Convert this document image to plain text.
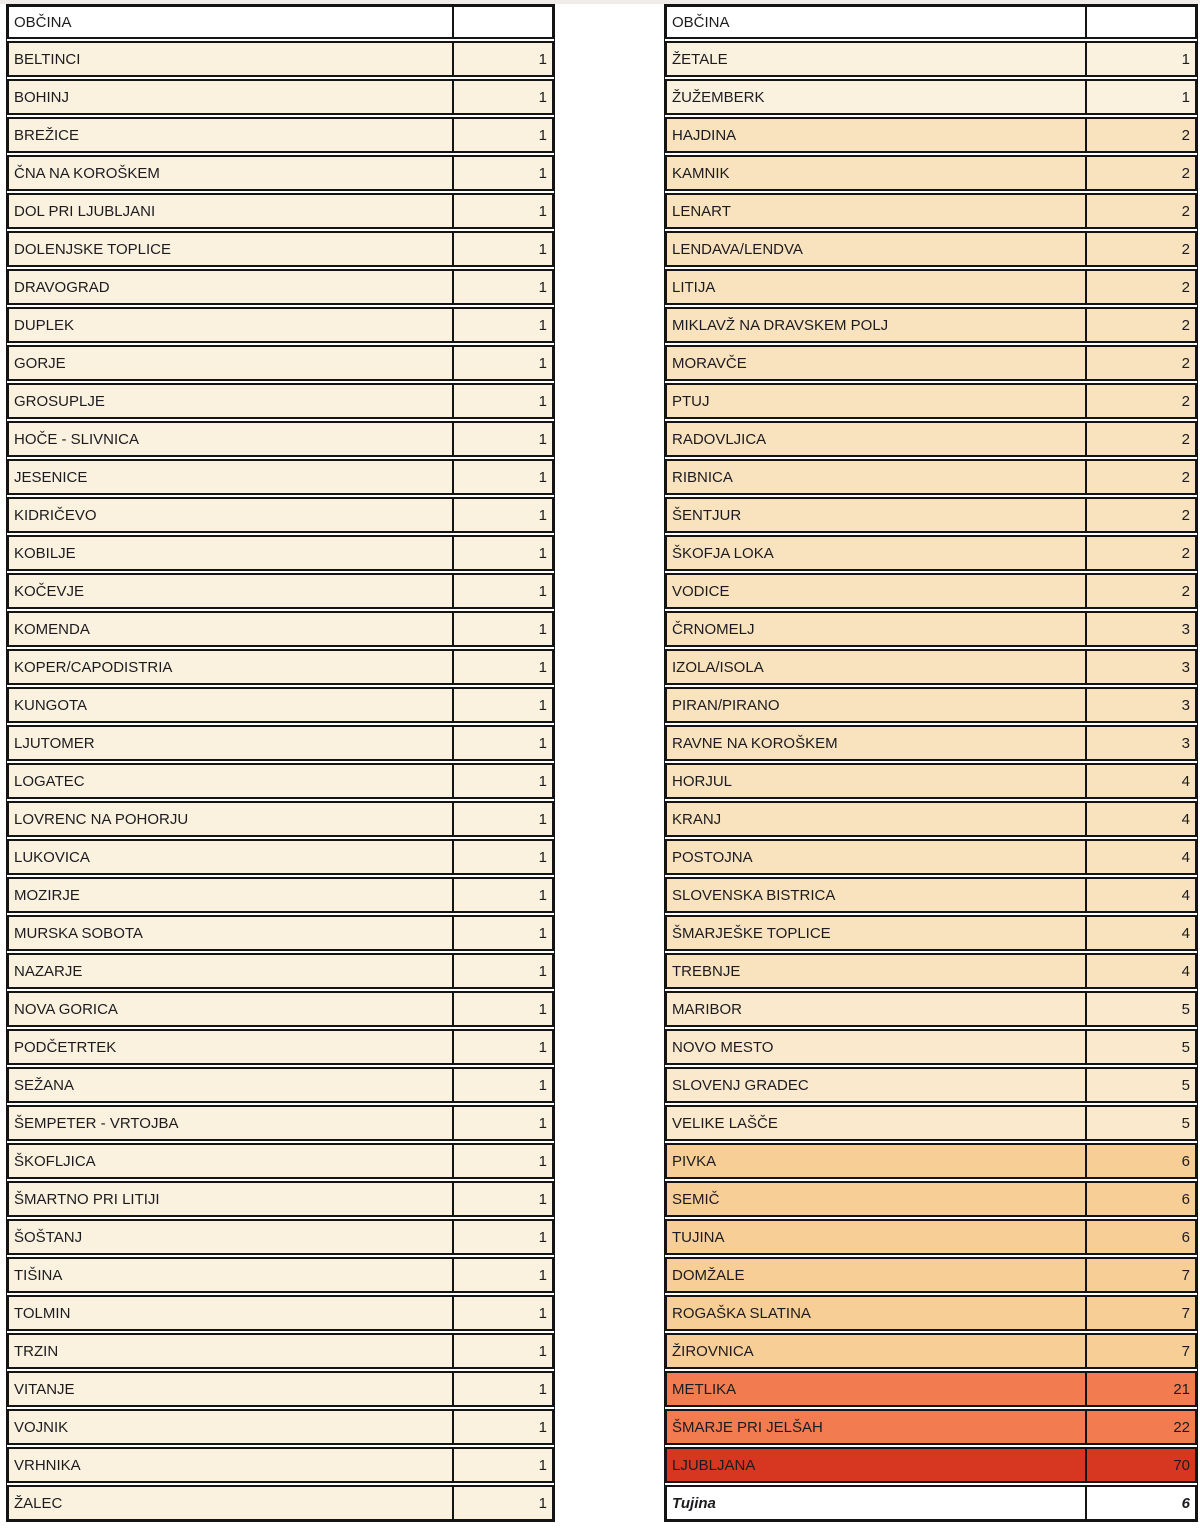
OBČINA
BELTINCI	1
BOHINJ	1
BREŽICE	1
ČNA NA KOROŠKEM	1
DOL PRI LJUBLJANI	1
DOLENJSKE TOPLICE	1
DRAVOGRAD	1
DUPLEK	1
GORJE	1
GROSUPLJE	1
HOČE - SLIVNICA	1
JESENICE	1
KIDRIČEVO	1
KOBILJE	1
KOČEVJE	1
KOMENDA	1
KOPER/CAPODISTRIA	1
KUNGOTA	1
LJUTOMER	1
LOGATEC	1
LOVRENC NA POHORJU	1
LUKOVICA	1
MOZIRJE	1
MURSKA SOBOTA	1
NAZARJE	1
NOVA GORICA	1
PODČETRTEK	1
SEŽANA	1
ŠEMPETER - VRTOJBA	1
ŠKOFLJICA	1
ŠMARTNO PRI LITIJI	1
ŠOŠTANJ	1
TIŠINA	1
TOLMIN	1
TRZIN	1
VITANJE	1
VOJNIK	1
VRHNIKA	1
ŽALEC	1
OBČINA
ŽETALE	1
ŽUŽEMBERK	1
HAJDINA	2
KAMNIK	2
LENART	2
LENDAVA/LENDVA	2
LITIJA	2
MIKLAVŽ NA DRAVSKEM POLJ	2
MORAVČE	2
PTUJ	2
RADOVLJICA	2
RIBNICA	2
ŠENTJUR	2
ŠKOFJA LOKA	2
VODICE	2
ČRNOMELJ	3
IZOLA/ISOLA	3
PIRAN/PIRANO	3
RAVNE NA KOROŠKEM	3
HORJUL	4
KRANJ	4
POSTOJNA	4
SLOVENSKA BISTRICA	4
ŠMARJEŠKE TOPLICE	4
TREBNJE	4
MARIBOR	5
NOVO MESTO	5
SLOVENJ GRADEC	5
VELIKE LAŠČE	5
PIVKA	6
SEMIČ	6
TUJINA	6
DOMŽALE	7
ROGAŠKA SLATINA	7
ŽIROVNICA	7
METLIKA	21
ŠMARJE PRI JELŠAH	22
LJUBLJANA	70
Tujina	6
